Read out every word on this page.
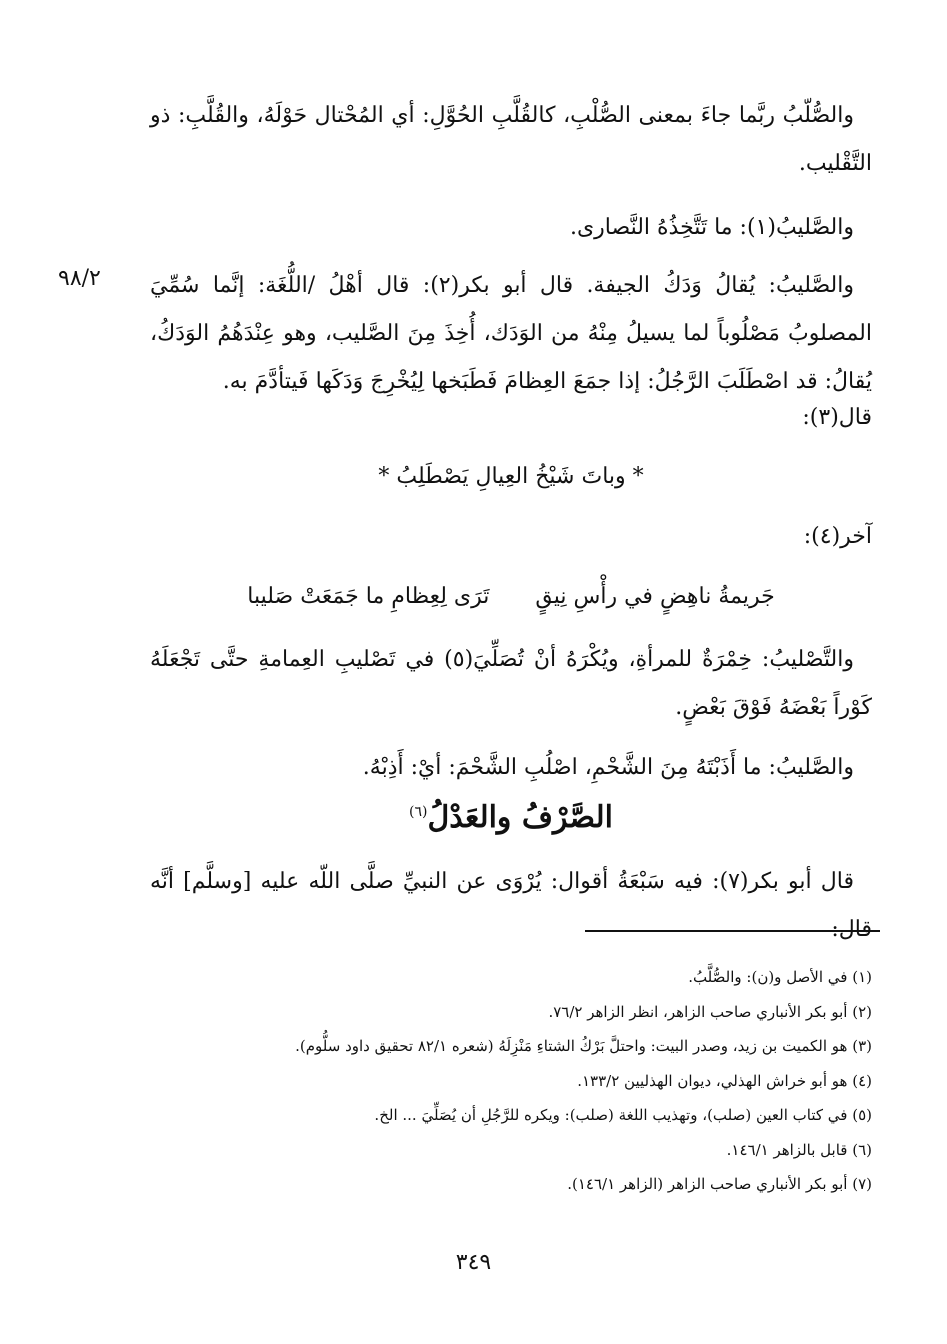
والصُّلّبُ ربَّما جاءَ بمعنى الصُّلْبِ، كالقُلَّبِ الحُوَّلِ: أي المُحْتال حَوْلَهُ، والقُلَّبِ: ذو التَّقْليب.

والصَّليبُ(١): ما تَتَّخِذُهُ النَّصارى.

٩٨/٢ والصَّليبُ: يُقالُ وَدَكُ الجيفة. قال أبو بكر(٢): قال أهْلُ /اللُّغَة: إنَّما سُمِّيَ المصلوبُ مَصْلُوباً لما يسيلُ مِنْهُ من الوَدَك، أُخِذَ مِنَ الصَّليب، وهو عِنْدَهُمُ الوَدَكُ، يُقالُ: قد اصْطَلَبَ الرَّجُلُ: إذا جمَعَ العِظامَ فَطَبَخها لِيُخْرِجَ وَدَكَها فَيتأدَّمَ به.

قال(٣):
* وباتَ شَيْخُ العِيالِ يَصْطَلِبُ *
آخر(٤):
جَريمةُ ناهِضٍ في رأْسِ نِيقٍ
تَرَى لِعِظامِ ما جَمَعَتْ صَليبا

والتَّصْليبُ: خِمْرَةٌ للمرأةِ، ويُكْرَهُ أنْ تُصَلِّيَ(٥) في تَصْليبِ العِمامةِ حتَّى تَجْعَلَهُ كَوْراً بَعْضَهُ فَوْقَ بَعْضٍ.

والصَّليبُ: ما أَذَبْتَهُ مِنَ الشَّحْمِ، اصْلُبِ الشَّحْمَ: أيْ: أَذِبْهُ.

الصَّرْفُ والعَدْلُ$^{(٦)}$

قال أبو بكر(٧): فيه سَبْعَةُ أقوال: يُرْوَى عن النبيِّ صلَّى اللّه عليه [وسلَّم] أنَّه قال:

(١) في الأصل و(ن): والصُّلَّبُ.

(٢) أبو بكر الأنباري صاحب الزاهر، انظر الزاهر ٧٦/٢.

(٣) هو الكميت بن زيد، وصدر البيت: واحتلَّ بَرْكُ الشتاءِ مَنْزِلَهُ (شعره ٨٢/١ تحقيق داود سلُّوم).

(٤) هو أبو خراش الهذلي، ديوان الهذليين ١٣٣/٢.

(٥) في كتاب العين (صلب)، وتهذيب اللغة (صلب): ويكره للرَّجُلِ أن يُصَلِّيَ ... الخ.

(٦) قابل بالزاهر ١٤٦/١.

(٧) أبو بكر الأنباري صاحب الزاهر (الزاهر ١٤٦/١).

٣٤٩
